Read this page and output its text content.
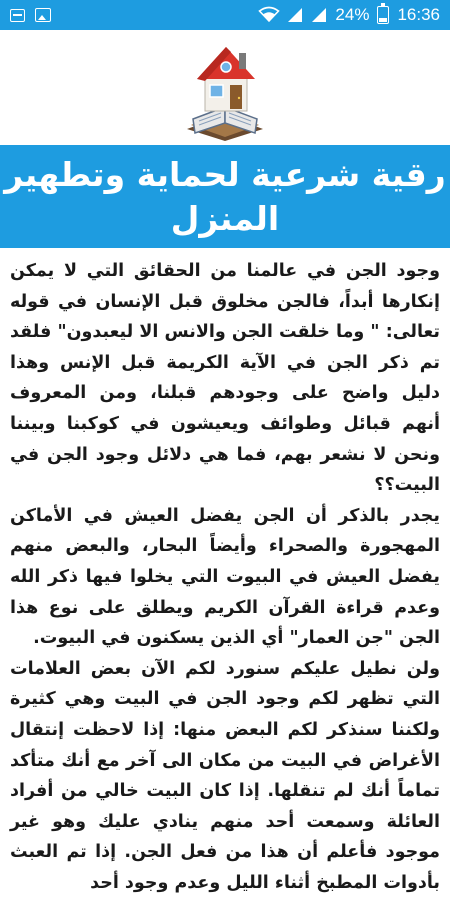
24% 16:36
رقية شرعية لحماية وتطهير
المنزل

وجود الجن في عالمنا من الحقائق التي لا يمكن إنكارها أبداً، فالجن مخلوق قبل الإنسان في قوله تعالى: " وما خلقت الجن والانس الا ليعبدون" فلقد تم ذكر الجن في الآية الكريمة قبل الإنس وهذا دليل واضح على وجودهم قبلنا، ومن المعروف أنهم قبائل وطوائف ويعيشون في كوكبنا وبيننا ونحن لا نشعر بهم، فما هي دلائل وجود الجن في البيت؟؟

يجدر بالذكر أن الجن يفضل العيش في الأماكن المهجورة والصحراء وأيضاً البحار، والبعض منهم يفضل العيش في البيوت التي يخلوا فيها ذكر الله وعدم قراءة القرآن الكريم ويطلق على نوع هذا الجن "جن العمار" أي الذين يسكنون في البيوت.

ولن نطيل عليكم سنورد لكم الآن بعض العلامات التي تظهر لكم وجود الجن في البيت وهي كثيرة ولكننا سنذكر لكم البعض منها: إذا لاحظت إنتقال الأغراض في البيت من مكان الى آخر مع أنك متأكد تماماً أنك لم تنقلها. إذا كان البيت خالي من أفراد العائلة وسمعت أحد منهم ينادي عليك وهو غير موجود فأعلم أن هذا من فعل الجن. إذا تم العبث بأدوات المطبخ أثناء الليل وعدم وجود أحد
